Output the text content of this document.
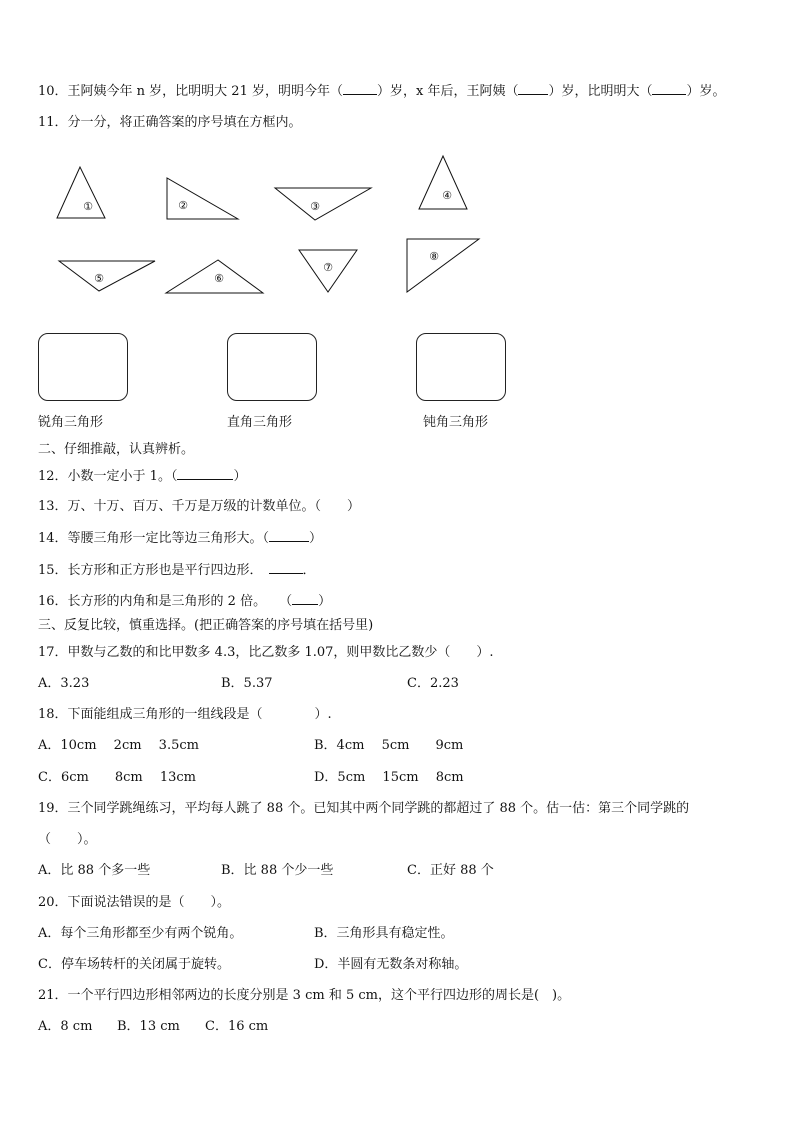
10．王阿姨今年 n 岁，比明明大 21 岁，明明今年（	）岁，x 年后，王阿姨（ ）岁，比明明大（	）岁。
11．分一分，将正确答案的序号填在方框内。
①	②	③
④
⑤	⑥
⑦
⑧
锐角三角形	直角三角形	钝角三角形
二、仔细推敲，认真辨析。
12．小数一定小于 1。（	）
13．万、十万、百万、千万是万级的计数单位。（　　）
14．等腰三角形一定比等边三角形大。（	）
15．长方形和正方形也是平行四边形．	．
16．长方形的内角和是三角形的 2 倍。　　（ ）
三、反复比较，慎重选择。(把正确答案的序号填在括号里)
17．甲数与乙数的和比甲数多 4.3，比乙数多 1.07，则甲数比乙数少（　　）.
A．3.23	B．5.37	C．2.23
18．下面能组成三角形的一组线段是（　　　　）.
A．10cm　 2cm　 3.5cm	B．4cm　 5cm　　9cm
C．6cm　　8cm　 13cm	D．5cm　 15cm　 8cm
19．三个同学跳绳练习，平均每人跳了 88 个。已知其中两个同学跳的都超过了 88 个。估一估：第三个同学跳的
（　　）。
A．比 88 个多一些	B．比 88 个少一些	C．正好 88 个
20．下面说法错误的是（　　）。
A．每个三角形都至少有两个锐角。	B．三角形具有稳定性。
C．停车场转杆的关闭属于旋转。	D．半圆有无数条对称轴。
21．一个平行四边形相邻两边的长度分别是 3 cm 和 5 cm，这个平行四边形的周长是(　)。
A．8 cm B．13 cm C．16 cm
